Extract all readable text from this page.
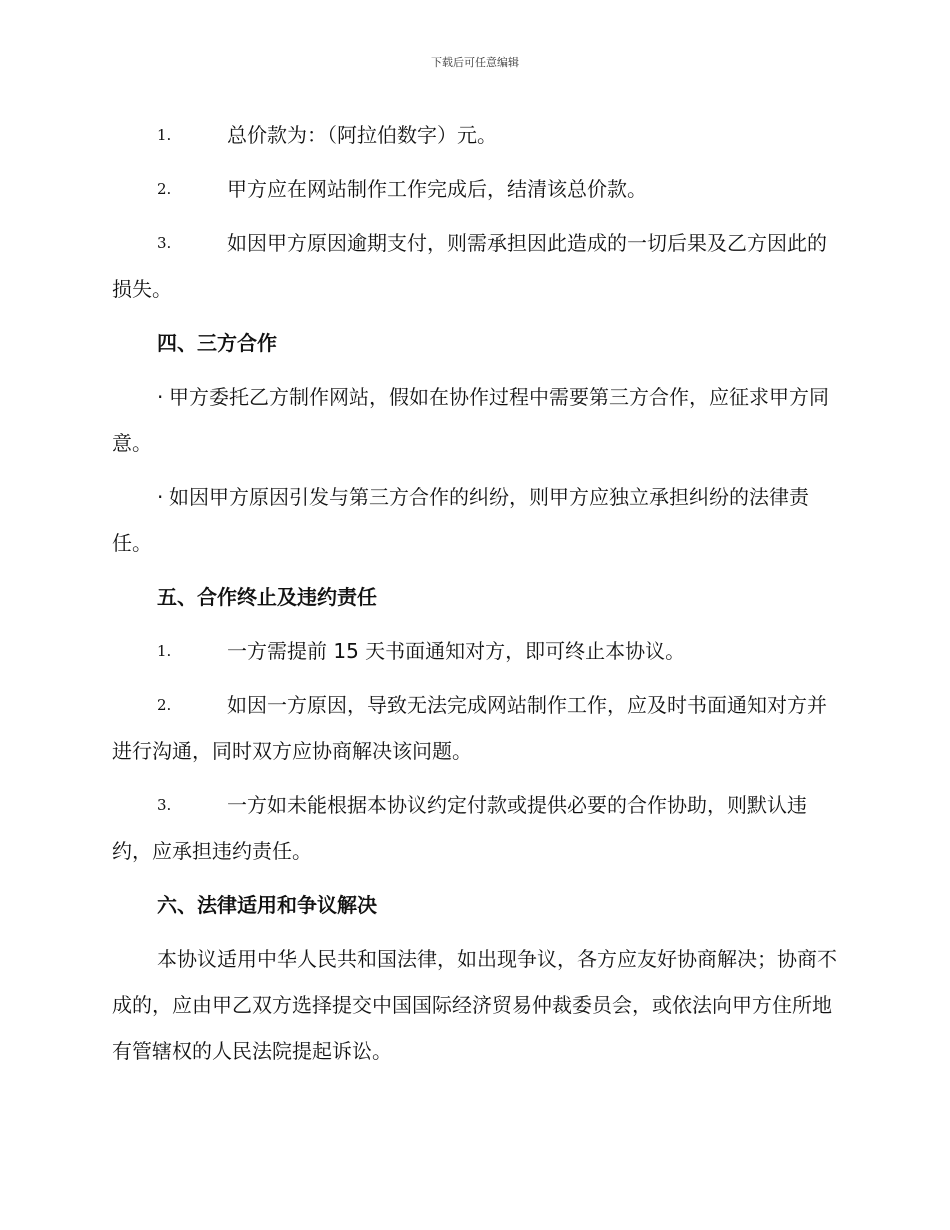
下载后可任意编辑
1.	总价款为：（阿拉伯数字）元。
2.	甲方应在网站制作工作完成后，结清该总价款。
3.	如因甲方原因逾期支付，则需承担因此造成的一切后果及乙方因此的损失。
四、三方合作
· 甲方委托乙方制作网站，假如在协作过程中需要第三方合作，应征求甲方同意。
· 如因甲方原因引发与第三方合作的纠纷，则甲方应独立承担纠纷的法律责任。
五、合作终止及违约责任
1.	一方需提前 15 天书面通知对方，即可终止本协议。
2.	如因一方原因，导致无法完成网站制作工作，应及时书面通知对方并进行沟通，同时双方应协商解决该问题。
3.	一方如未能根据本协议约定付款或提供必要的合作协助，则默认违约，应承担违约责任。
六、法律适用和争议解决
本协议适用中华人民共和国法律，如出现争议，各方应友好协商解决；协商不成的，应由甲乙双方选择提交中国国际经济贸易仲裁委员会，或依法向甲方住所地有管辖权的人民法院提起诉讼。
